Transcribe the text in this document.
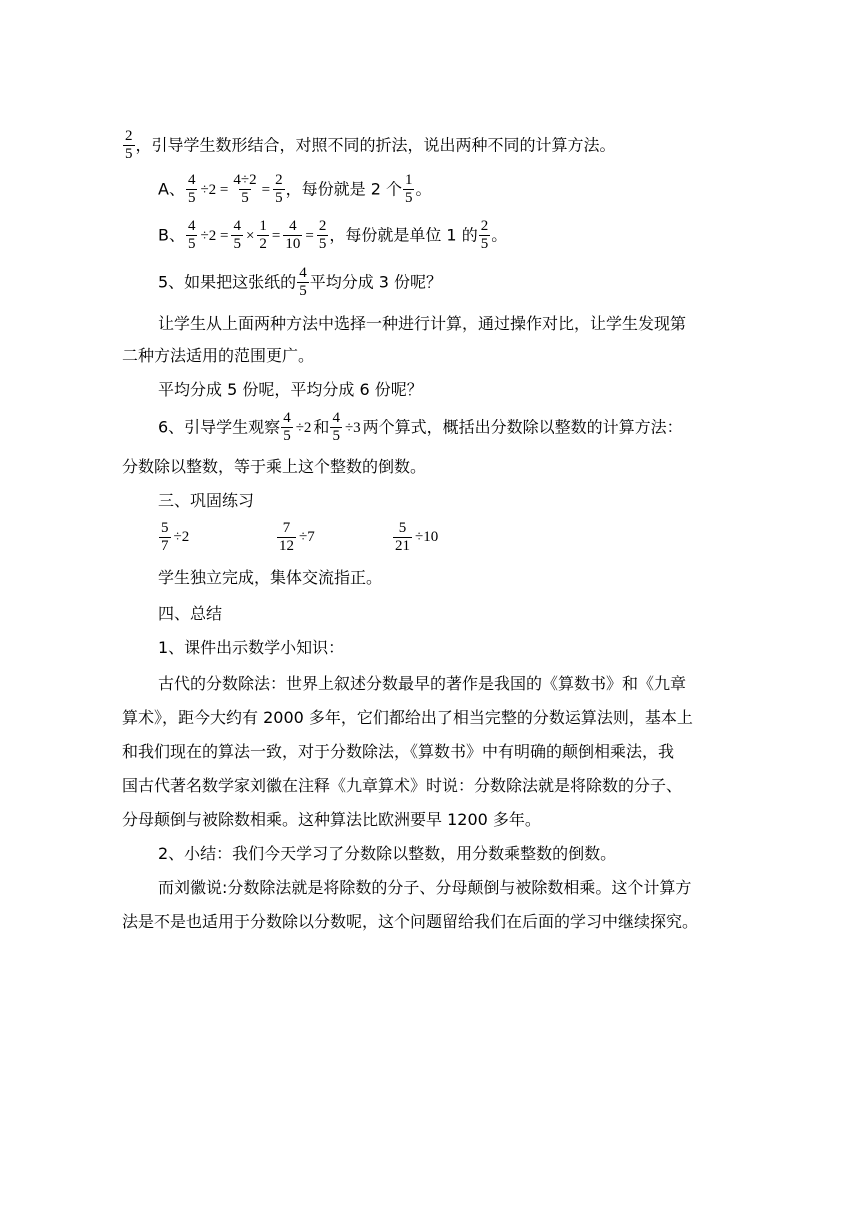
$\frac{2}{5}$ ，引导学生数形结合，对照不同的折法，说出两种不同的计算方法。
A、 $\frac{4}{5} \div 2 = \frac{4\div 2}{5} = \frac{2}{5}$ ，每份就是 2 个 $\frac{1}{5}$ 。
B、 $\frac{4}{5} \div 2 = \frac{4}{5} \times \frac{1}{2} = \frac{4}{10} = \frac{2}{5}$ ，每份就是单位 1 的 $\frac{2}{5}$ 。
5、如果把这张纸的 $\frac{4}{5}$ 平均分成 3 份呢？
让学生从上面两种方法中选择一种进行计算，通过操作对比，让学生发现第
二种方法适用的范围更广。
平均分成 5 份呢，平均分成 6 份呢？
6、引导学生观察 $\frac{4}{5} \div 2$ 和 $\frac{4}{5} \div 3$ 两个算式，概括出分数除以整数的计算方法：
分数除以整数，等于乘上这个整数的倒数。
三、巩固练习
$\frac{5}{7} \div 2$	$\frac{7}{12} \div 7$	$\frac{5}{21} \div 10$
学生独立完成，集体交流指正。
四、总结
1、课件出示数学小知识：
古代的分数除法：世界上叙述分数最早的著作是我国的《算数书》和《九章
算术》，距今大约有 2000 多年，它们都给出了相当完整的分数运算法则，基本上
和我们现在的算法一致，对于分数除法，《算数书》中有明确的颠倒相乘法，我
国古代著名数学家刘徽在注释《九章算术》时说：分数除法就是将除数的分子、
分母颠倒与被除数相乘。这种算法比欧洲要早 1200 多年。
2、小结：我们今天学习了分数除以整数，用分数乘整数的倒数。
而刘徽说:分数除法就是将除数的分子、分母颠倒与被除数相乘。这个计算方
法是不是也适用于分数除以分数呢，这个问题留给我们在后面的学习中继续探究。
